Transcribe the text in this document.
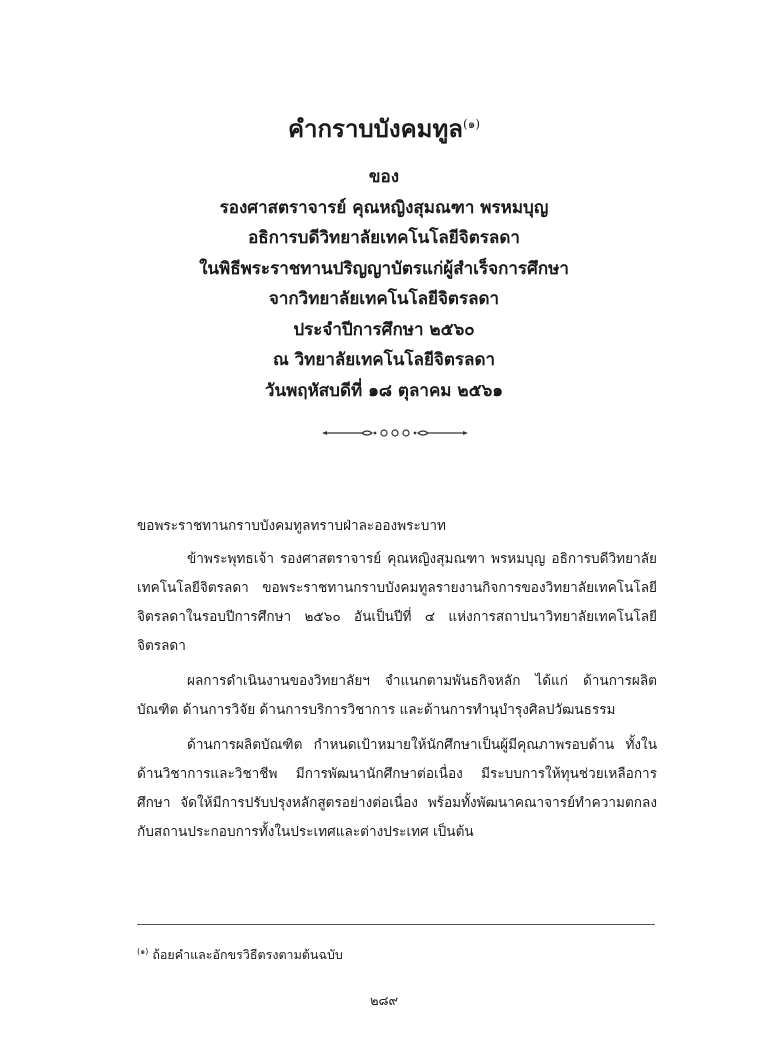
คำกราบบังคมทูล$^{(๑)}$
ของ
รองศาสตราจารย์ คุณหญิงสุมณฑา พรหมบุญ
อธิการบดีวิทยาลัยเทคโนโลยีจิตรลดา
ในพิธีพระราชทานปริญญาบัตรแก่ผู้สำเร็จการศึกษา
จากวิทยาลัยเทคโนโลยีจิตรลดา
ประจำปีการศึกษา ๒๕๖๐
ณ วิทยาลัยเทคโนโลยีจิตรลดา
วันพฤหัสบดีที่ ๑๘ ตุลาคม ๒๕๖๑

ขอพระราชทานกราบบังคมทูลทราบฝ่าละอองพระบาท

ข้าพระพุทธเจ้า รองศาสตราจารย์ คุณหญิงสุมณฑา พรหมบุญ อธิการบดีวิทยาลัยเทคโนโลยีจิตรลดา ขอพระราชทานกราบบังคมทูลรายงานกิจการของวิทยาลัยเทคโนโลยีจิตรลดาในรอบปีการศึกษา ๒๕๖๐ อันเป็นปีที่ ๔ แห่งการสถาปนาวิทยาลัยเทคโนโลยีจิตรลดา

ผลการดำเนินงานของวิทยาลัยฯ จำแนกตามพันธกิจหลัก ได้แก่ ด้านการผลิตบัณฑิต ด้านการวิจัย ด้านการบริการวิชาการ และด้านการทำนุบำรุงศิลปวัฒนธรรม

ด้านการผลิตบัณฑิต กำหนดเป้าหมายให้นักศึกษาเป็นผู้มีคุณภาพรอบด้าน ทั้งในด้านวิชาการและวิชาชีพ มีการพัฒนานักศึกษาต่อเนื่อง มีระบบการให้ทุนช่วยเหลือการศึกษา จัดให้มีการปรับปรุงหลักสูตรอย่างต่อเนื่อง พร้อมทั้งพัฒนาคณาจารย์ทำความตกลงกับสถานประกอบการทั้งในประเทศและต่างประเทศ เป็นต้น

$^{(๑)}$ ถ้อยคำและอักขรวิธีตรงตามต้นฉบับ
๒๘๙
